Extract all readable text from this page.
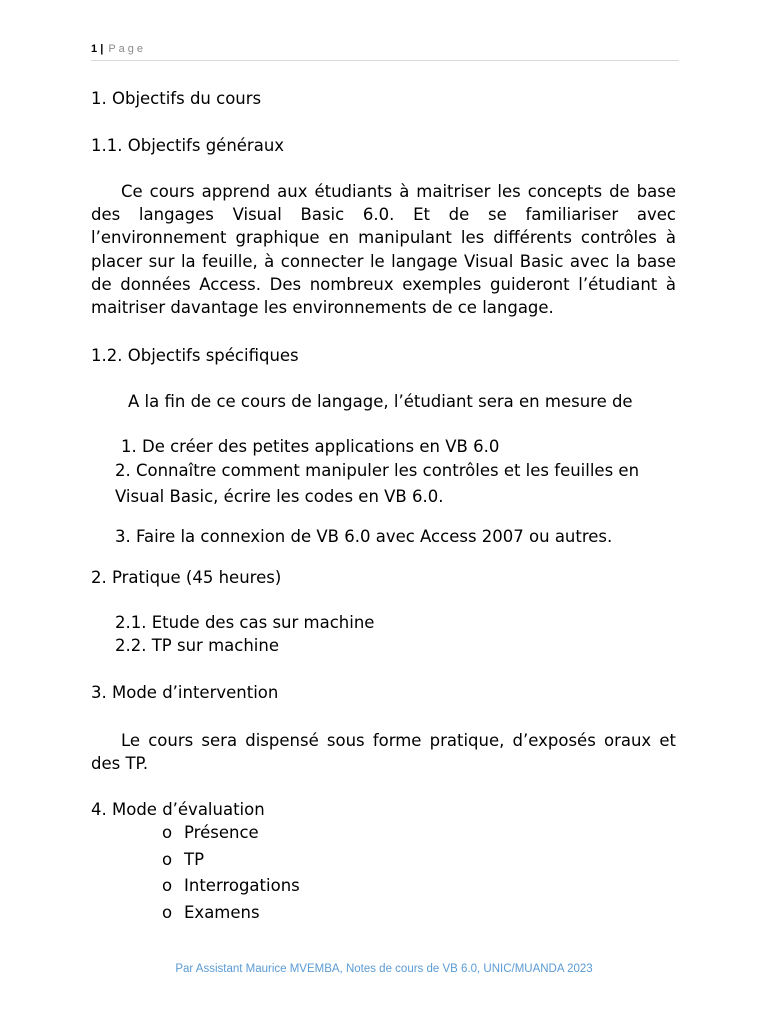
1 | Page
1. Objectifs du cours
1.1. Objectifs généraux
Ce cours apprend aux étudiants à maitriser les concepts de base des langages Visual Basic 6.0. Et de se familiariser avec l’environnement graphique en manipulant les différents contrôles à placer sur la feuille, à connecter le langage Visual Basic avec la base de données Access. Des nombreux exemples guideront l’étudiant à maitriser davantage les environnements de ce langage.
1.2. Objectifs spécifiques
A la fin de ce cours de langage, l’étudiant sera en mesure de
1. De créer des petites applications en VB 6.0
2. Connaître comment manipuler les contrôles et les feuilles en
Visual Basic, écrire les codes en VB 6.0.
3. Faire la connexion de VB 6.0 avec Access 2007 ou autres.
2. Pratique (45 heures)
2.1. Etude des cas sur machine
2.2. TP sur machine
3. Mode d’intervention
Le cours sera dispensé sous forme pratique, d’exposés oraux et des TP.
4. Mode d’évaluation
o Présence
o TP
o Interrogations
o Examens
Par Assistant Maurice MVEMBA, Notes de cours de VB 6.0, UNIC/MUANDA 2023
